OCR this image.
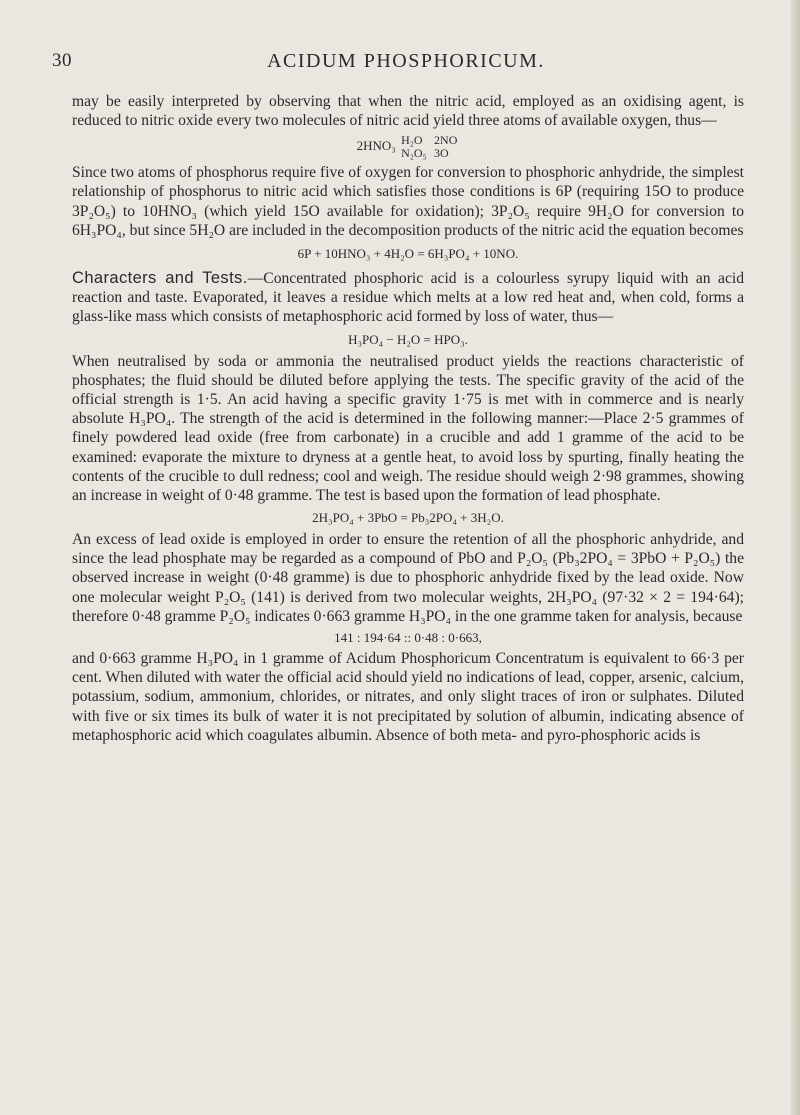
30	ACIDUM PHOSPHORICUM.

may be easily interpreted by observing that when the nitric acid, employed as an oxidising agent, is reduced to nitric oxide every two molecules of nitric acid yield three atoms of available oxygen, thus—

2HNO₃ H₂O
N₂O₅

2NO
3O

Since two atoms of phosphorus require five of oxygen for conversion to phosphoric anhydride, the simplest relationship of phosphorus to nitric acid which satisfies those conditions is 6P (requiring 15O to produce 3P₂O₅) to 10HNO₃ (which yield 15O available for oxidation); 3P₂O₅ require 9H₂O for conversion to 6H₃PO₄, but since 5H₂O are included in the decomposition products of the nitric acid the equation becomes

6P + 10HNO₃ + 4H₂O = 6H₃PO₄ + 10NO.

Characters and Tests.—Concentrated phosphoric acid is a colourless syrupy liquid with an acid reaction and taste. Evaporated, it leaves a residue which melts at a low red heat and, when cold, forms a glass-like mass which consists of metaphosphoric acid formed by loss of water, thus—

H₃PO₄ − H₂O = HPO₃.

When neutralised by soda or ammonia the neutralised product yields the reactions characteristic of phosphates; the fluid should be diluted before applying the tests. The specific gravity of the acid of the official strength is 1·5. An acid having a specific gravity 1·75 is met with in commerce and is nearly absolute H₃PO₄. The strength of the acid is determined in the following manner:—Place 2·5 grammes of finely powdered lead oxide (free from carbonate) in a crucible and add 1 gramme of the acid to be examined: evaporate the mixture to dryness at a gentle heat, to avoid loss by spurting, finally heating the contents of the crucible to dull redness; cool and weigh. The residue should weigh 2·98 grammes, showing an increase in weight of 0·48 gramme. The test is based upon the formation of lead phosphate.

2H₃PO₄ + 3PbO = Pb₃2PO₄ + 3H₂O.

An excess of lead oxide is employed in order to ensure the retention of all the phosphoric anhydride, and since the lead phosphate may be regarded as a compound of PbO and P₂O₅ (Pb₃2PO₄ = 3PbO + P₂O₅) the observed increase in weight (0·48 gramme) is due to phosphoric anhydride fixed by the lead oxide. Now one molecular weight P₂O₅ (141) is derived from two molecular weights, 2H₃PO₄ (97·32 × 2 = 194·64); therefore 0·48 gramme P₂O₅ indicates 0·663 gramme H₃PO₄ in the one gramme taken for analysis, because

141 : 194·64 :: 0·48 : 0·663,

and 0·663 gramme H₃PO₄ in 1 gramme of Acidum Phosphoricum Concentratum is equivalent to 66·3 per cent. When diluted with water the official acid should yield no indications of lead, copper, arsenic, calcium, potassium, sodium, ammonium, chlorides, or nitrates, and only slight traces of iron or sulphates. Diluted with five or six times its bulk of water it is not precipitated by solution of albumin, indicating absence of metaphosphoric acid which coagulates albumin. Absence of both meta- and pyro-phosphoric acids is
